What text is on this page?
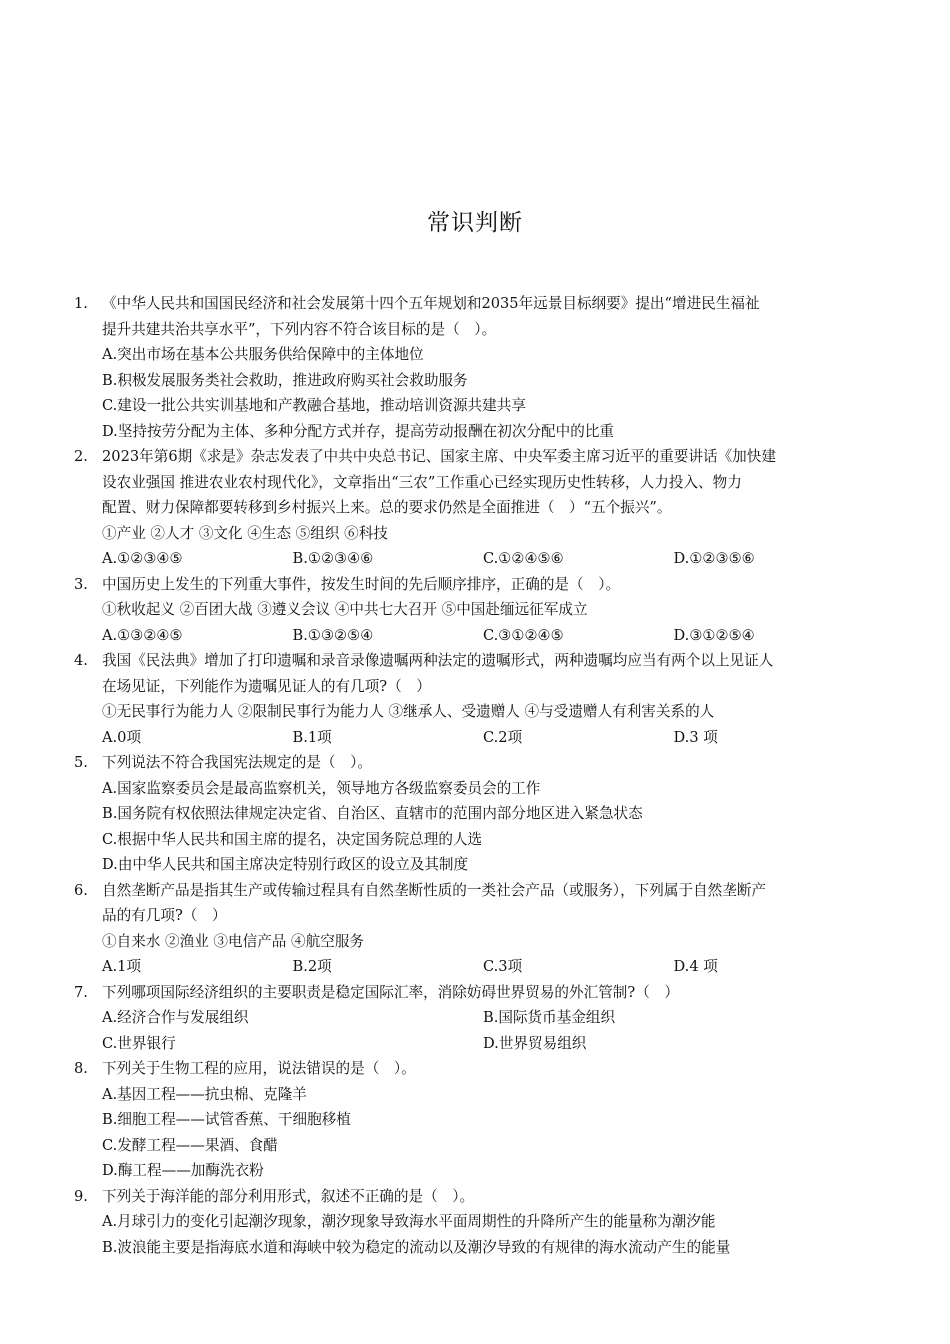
常识判断
1. 《中华人民共和国国民经济和社会发展第十四个五年规划和2035年远景目标纲要》提出“增进民生福祉
提升共建共治共享水平”，下列内容不符合该目标的是（　）。
A.突出市场在基本公共服务供给保障中的主体地位
B.积极发展服务类社会救助，推进政府购买社会救助服务
C.建设一批公共实训基地和产教融合基地，推动培训资源共建共享
D.坚持按劳分配为主体、多种分配方式并存，提高劳动报酬在初次分配中的比重
2. 2023年第6期《求是》杂志发表了中共中央总书记、国家主席、中央军委主席习近平的重要讲话《加快建
设农业强国 推进农业农村现代化》，文章指出“三农”工作重心已经实现历史性转移，人力投入、物力
配置、财力保障都要转移到乡村振兴上来。总的要求仍然是全面推进（　）“五个振兴”。
①产业 ②人才 ③文化 ④生态 ⑤组织 ⑥科技
A.①②③④⑤	B.①②③④⑥	C.①②④⑤⑥	D.①②③⑤⑥
3. 中国历史上发生的下列重大事件，按发生时间的先后顺序排序，正确的是（　）。
①秋收起义 ②百团大战 ③遵义会议 ④中共七大召开 ⑤中国赴缅远征军成立
A.①③②④⑤	B.①③②⑤④	C.③①②④⑤	D.③①②⑤④
4. 我国《民法典》增加了打印遗嘱和录音录像遗嘱两种法定的遗嘱形式，两种遗嘱均应当有两个以上见证人
在场见证，下列能作为遗嘱见证人的有几项?（　）
①无民事行为能力人 ②限制民事行为能力人 ③继承人、受遗赠人 ④与受遗赠人有利害关系的人
A.0项	B.1项	C.2项	D.3 项
5. 下列说法不符合我国宪法规定的是（　）。
A.国家监察委员会是最高监察机关，领导地方各级监察委员会的工作
B.国务院有权依照法律规定决定省、自治区、直辖市的范围内部分地区进入紧急状态
C.根据中华人民共和国主席的提名，决定国务院总理的人选
D.由中华人民共和国主席决定特别行政区的设立及其制度
6. 自然垄断产品是指其生产或传输过程具有自然垄断性质的一类社会产品（或服务），下列属于自然垄断产
品的有几项?（　）
①自来水 ②渔业 ③电信产品 ④航空服务
A.1项	B.2项	C.3项	D.4 项
7. 下列哪项国际经济组织的主要职责是稳定国际汇率，消除妨碍世界贸易的外汇管制?（　）
A.经济合作与发展组织	B.国际货币基金组织
C.世界银行	D.世界贸易组织
8. 下列关于生物工程的应用，说法错误的是（　）。
A.基因工程——抗虫棉、克隆羊
B.细胞工程——试管香蕉、干细胞移植
C.发酵工程——果酒、食醋
D.酶工程——加酶洗衣粉
9. 下列关于海洋能的部分利用形式，叙述不正确的是（　）。
A.月球引力的变化引起潮汐现象，潮汐现象导致海水平面周期性的升降所产生的能量称为潮汐能
B.波浪能主要是指海底水道和海峡中较为稳定的流动以及潮汐导致的有规律的海水流动产生的能量
